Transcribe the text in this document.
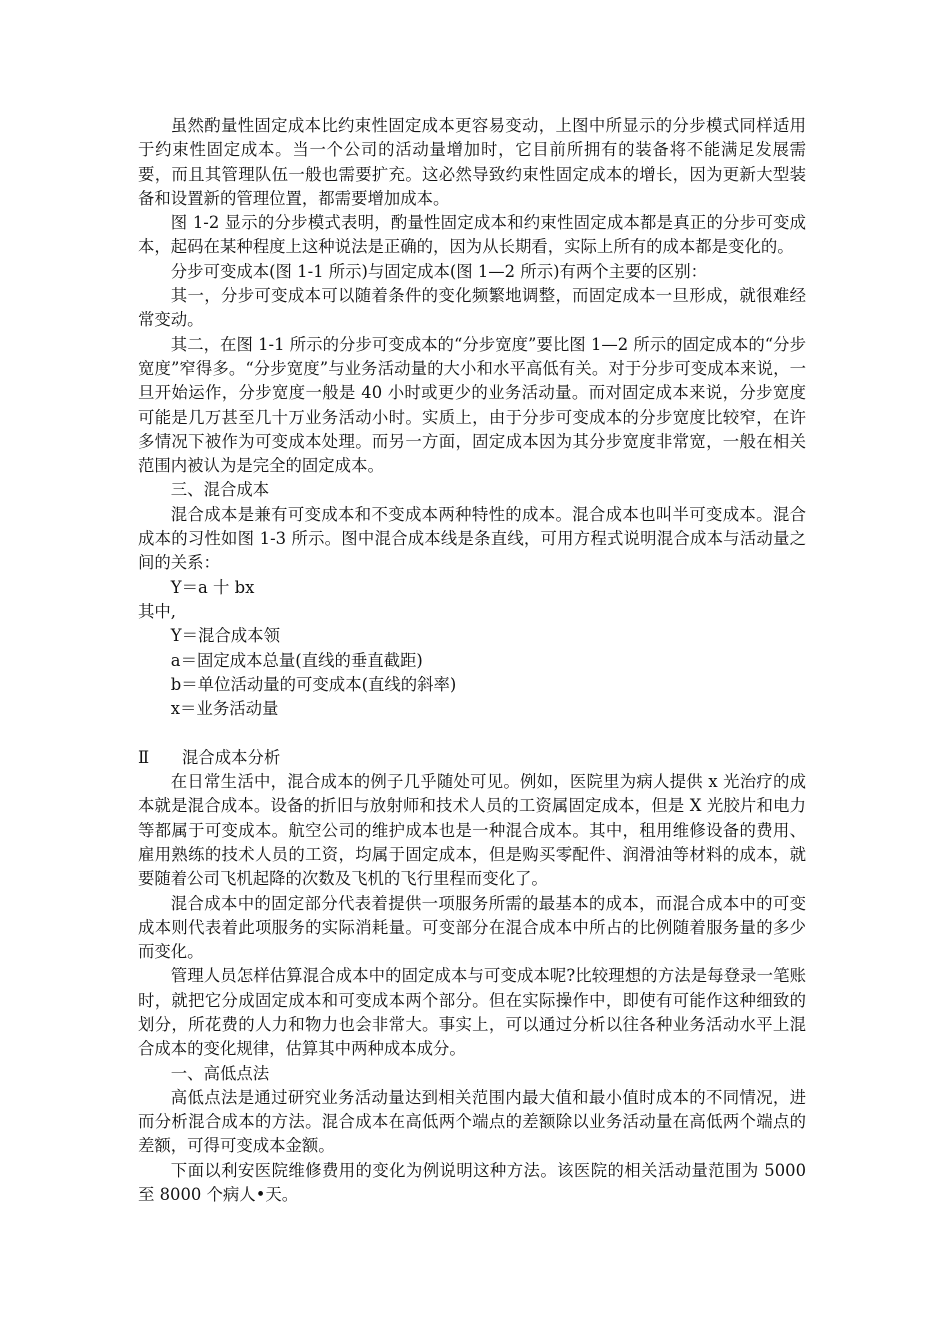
虽然酌量性固定成本比约束性固定成本更容易变动，上图中所显示的分步模式同样适用于约束性固定成本。当一个公司的活动量增加时，它目前所拥有的装备将不能满足发展需要，而且其管理队伍一般也需要扩充。这必然导致约束性固定成本的增长，因为更新大型装备和设置新的管理位置，都需要增加成本。

图 1-2 显示的分步模式表明，酌量性固定成本和约束性固定成本都是真正的分步可变成本，起码在某种程度上这种说法是正确的，因为从长期看，实际上所有的成本都是变化的。

分步可变成本(图 1-1 所示)与固定成本(图 1—2 所示)有两个主要的区别：

其一，分步可变成本可以随着条件的变化频繁地调整，而固定成本一旦形成，就很难经常变动。

其二，在图 1-1 所示的分步可变成本的“分步宽度”要比图 1—2 所示的固定成本的“分步宽度”窄得多。“分步宽度”与业务活动量的大小和水平高低有关。对于分步可变成本来说，一旦开始运作，分步宽度一般是 40 小时或更少的业务活动量。而对固定成本来说，分步宽度可能是几万甚至几十万业务活动小时。实质上，由于分步可变成本的分步宽度比较窄，在许多情况下被作为可变成本处理。而另一方面，固定成本因为其分步宽度非常宽，一般在相关范围内被认为是完全的固定成本。

三、混合成本

混合成本是兼有可变成本和不变成本两种特性的成本。混合成本也叫半可变成本。混合成本的习性如图 1-3 所示。图中混合成本线是条直线，可用方程式说明混合成本与活动量之间的关系：

Y＝a 十 bx

其中,

Y＝混合成本领

a＝固定成本总量(直线的垂直截距)

b＝单位活动量的可变成本(直线的斜率)

x＝业务活动量

Ⅱ　　混合成本分析

在日常生活中，混合成本的例子几乎随处可见。例如，医院里为病人提供 x 光治疗的成本就是混合成本。设备的折旧与放射师和技术人员的工资属固定成本，但是 X 光胶片和电力等都属于可变成本。航空公司的维护成本也是一种混合成本。其中，租用维修设备的费用、雇用熟练的技术人员的工资，均属于固定成本，但是购买零配件、润滑油等材料的成本，就要随着公司飞机起降的次数及飞机的飞行里程而变化了。

混合成本中的固定部分代表着提供一项服务所需的最基本的成本，而混合成本中的可变成本则代表着此项服务的实际消耗量。可变部分在混合成本中所占的比例随着服务量的多少而变化。

管理人员怎样估算混合成本中的固定成本与可变成本呢?比较理想的方法是每登录一笔账时，就把它分成固定成本和可变成本两个部分。但在实际操作中，即使有可能作这种细致的划分，所花费的人力和物力也会非常大。事实上，可以通过分析以往各种业务活动水平上混合成本的变化规律，估算其中两种成本成分。

一、高低点法

高低点法是通过研究业务活动量达到相关范围内最大值和最小值时成本的不同情况，进而分析混合成本的方法。混合成本在高低两个端点的差额除以业务活动量在高低两个端点的差额，可得可变成本金额。

下面以利安医院维修费用的变化为例说明这种方法。该医院的相关活动量范围为 5000 至 8000 个病人•天。
